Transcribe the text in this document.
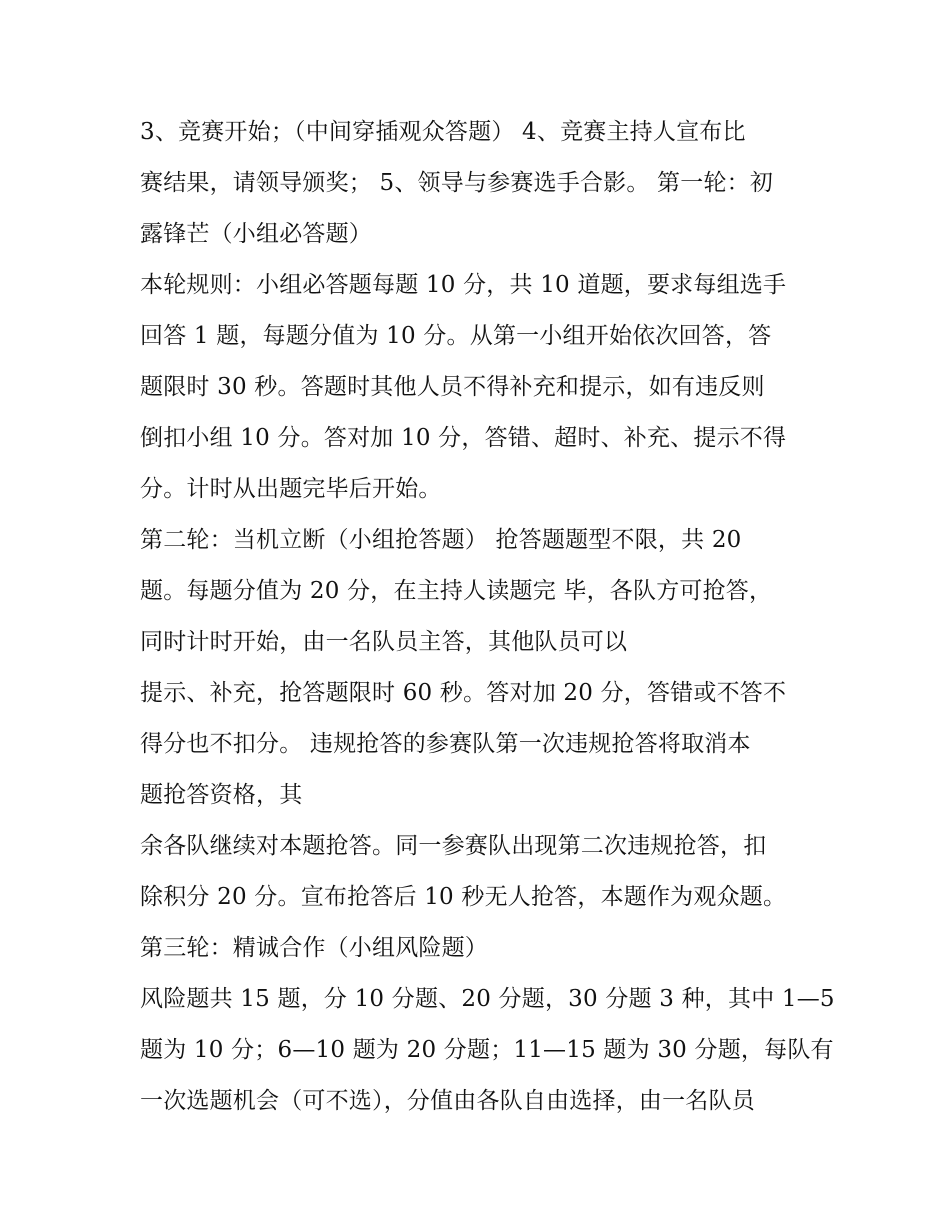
3、竞赛开始；（中间穿插观众答题） 4、竞赛主持人宣布比
赛结果，请领导颁奖； 5、领导与参赛选手合影。 第一轮：初
露锋芒（小组必答题）
本轮规则：小组必答题每题 10 分，共 10 道题，要求每组选手
回答 1 题，每题分值为 10 分。从第一小组开始依次回答，答
题限时 30 秒。答题时其他人员不得补充和提示，如有违反则
倒扣小组 10 分。答对加 10 分，答错、超时、补充、提示不得
分。计时从出题完毕后开始。
第二轮：当机立断（小组抢答题） 抢答题题型不限，共 20
题。每题分值为 20 分，在主持人读题完 毕，各队方可抢答，
同时计时开始，由一名队员主答，其他队员可以
提示、补充，抢答题限时 60 秒。答对加 20 分，答错或不答不
得分也不扣分。 违规抢答的参赛队第一次违规抢答将取消本
题抢答资格，其
余各队继续对本题抢答。同一参赛队出现第二次违规抢答，扣
除积分 20 分。宣布抢答后 10 秒无人抢答，本题作为观众题。
第三轮：精诚合作（小组风险题）
风险题共 15 题，分 10 分题、20 分题，30 分题 3 种，其中 1—5
题为 10 分；6—10 题为 20 分题；11—15 题为 30 分题，每队有
一次选题机会（可不选），分值由各队自由选择，由一名队员
